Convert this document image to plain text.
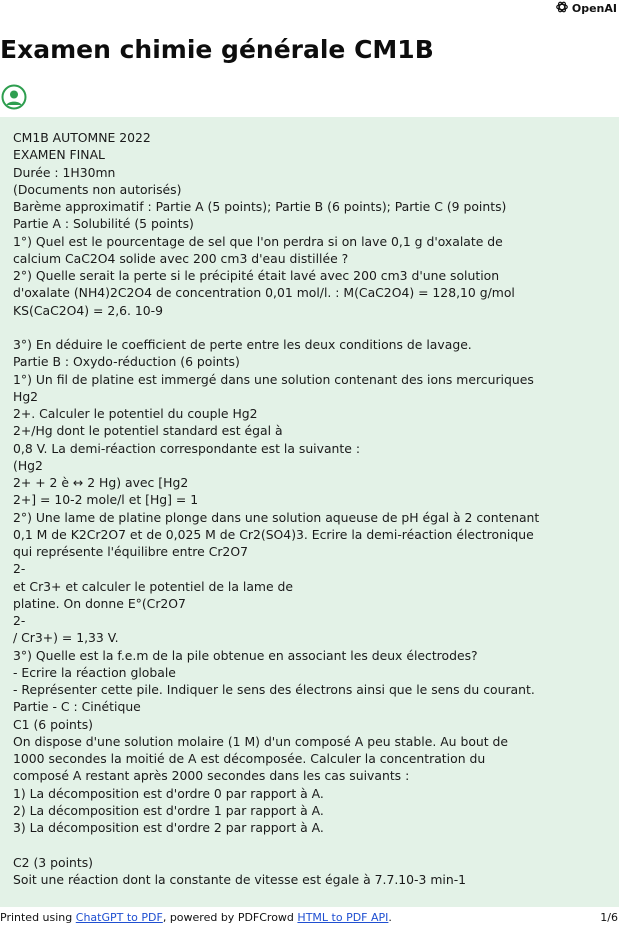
OpenAI
Examen chimie générale CM1B
CM1B AUTOMNE 2022
EXAMEN FINAL
Durée : 1H30mn
(Documents non autorisés)
Barème approximatif : Partie A (5 points); Partie B (6 points); Partie C (9 points)
Partie A : Solubilité (5 points)
1°) Quel est le pourcentage de sel que l'on perdra si on lave 0,1 g d'oxalate de
calcium CaC2O4 solide avec 200 cm3 d'eau distillée ?
2°) Quelle serait la perte si le précipité était lavé avec 200 cm3 d'une solution
d'oxalate (NH4)2C2O4 de concentration 0,01 mol/l. : M(CaC2O4) = 128,10 g/mol
KS(CaC2O4) = 2,6. 10-9
3°) En déduire le coefficient de perte entre les deux conditions de lavage.
Partie B : Oxydo-réduction (6 points)
1°) Un fil de platine est immergé dans une solution contenant des ions mercuriques
Hg2
2+. Calculer le potentiel du couple Hg2
2+/Hg dont le potentiel standard est égal à
0,8 V. La demi-réaction correspondante est la suivante :
(Hg2
2+ + 2 è ↔ 2 Hg) avec [Hg2
2+] = 10-2 mole/l et [Hg] = 1
2°) Une lame de platine plonge dans une solution aqueuse de pH égal à 2 contenant
0,1 M de K2Cr2O7 et de 0,025 M de Cr2(SO4)3. Ecrire la demi-réaction électronique
qui représente l'équilibre entre Cr2O7
2-
et Cr3+ et calculer le potentiel de la lame de
platine. On donne E°(Cr2O7
2-
/ Cr3+) = 1,33 V.
3°) Quelle est la f.e.m de la pile obtenue en associant les deux électrodes?
- Ecrire la réaction globale
- Représenter cette pile. Indiquer le sens des électrons ainsi que le sens du courant.
Partie - C : Cinétique
C1 (6 points)
On dispose d'une solution molaire (1 M) d'un composé A peu stable. Au bout de
1000 secondes la moitié de A est décomposée. Calculer la concentration du
composé A restant après 2000 secondes dans les cas suivants :
1) La décomposition est d'ordre 0 par rapport à A.
2) La décomposition est d'ordre 1 par rapport à A.
3) La décomposition est d'ordre 2 par rapport à A.
C2 (3 points)
Soit une réaction dont la constante de vitesse est égale à 7.7.10-3 min-1
Printed using ChatGPT to PDF, powered by PDFCrowd HTML to PDF API.	1/6
